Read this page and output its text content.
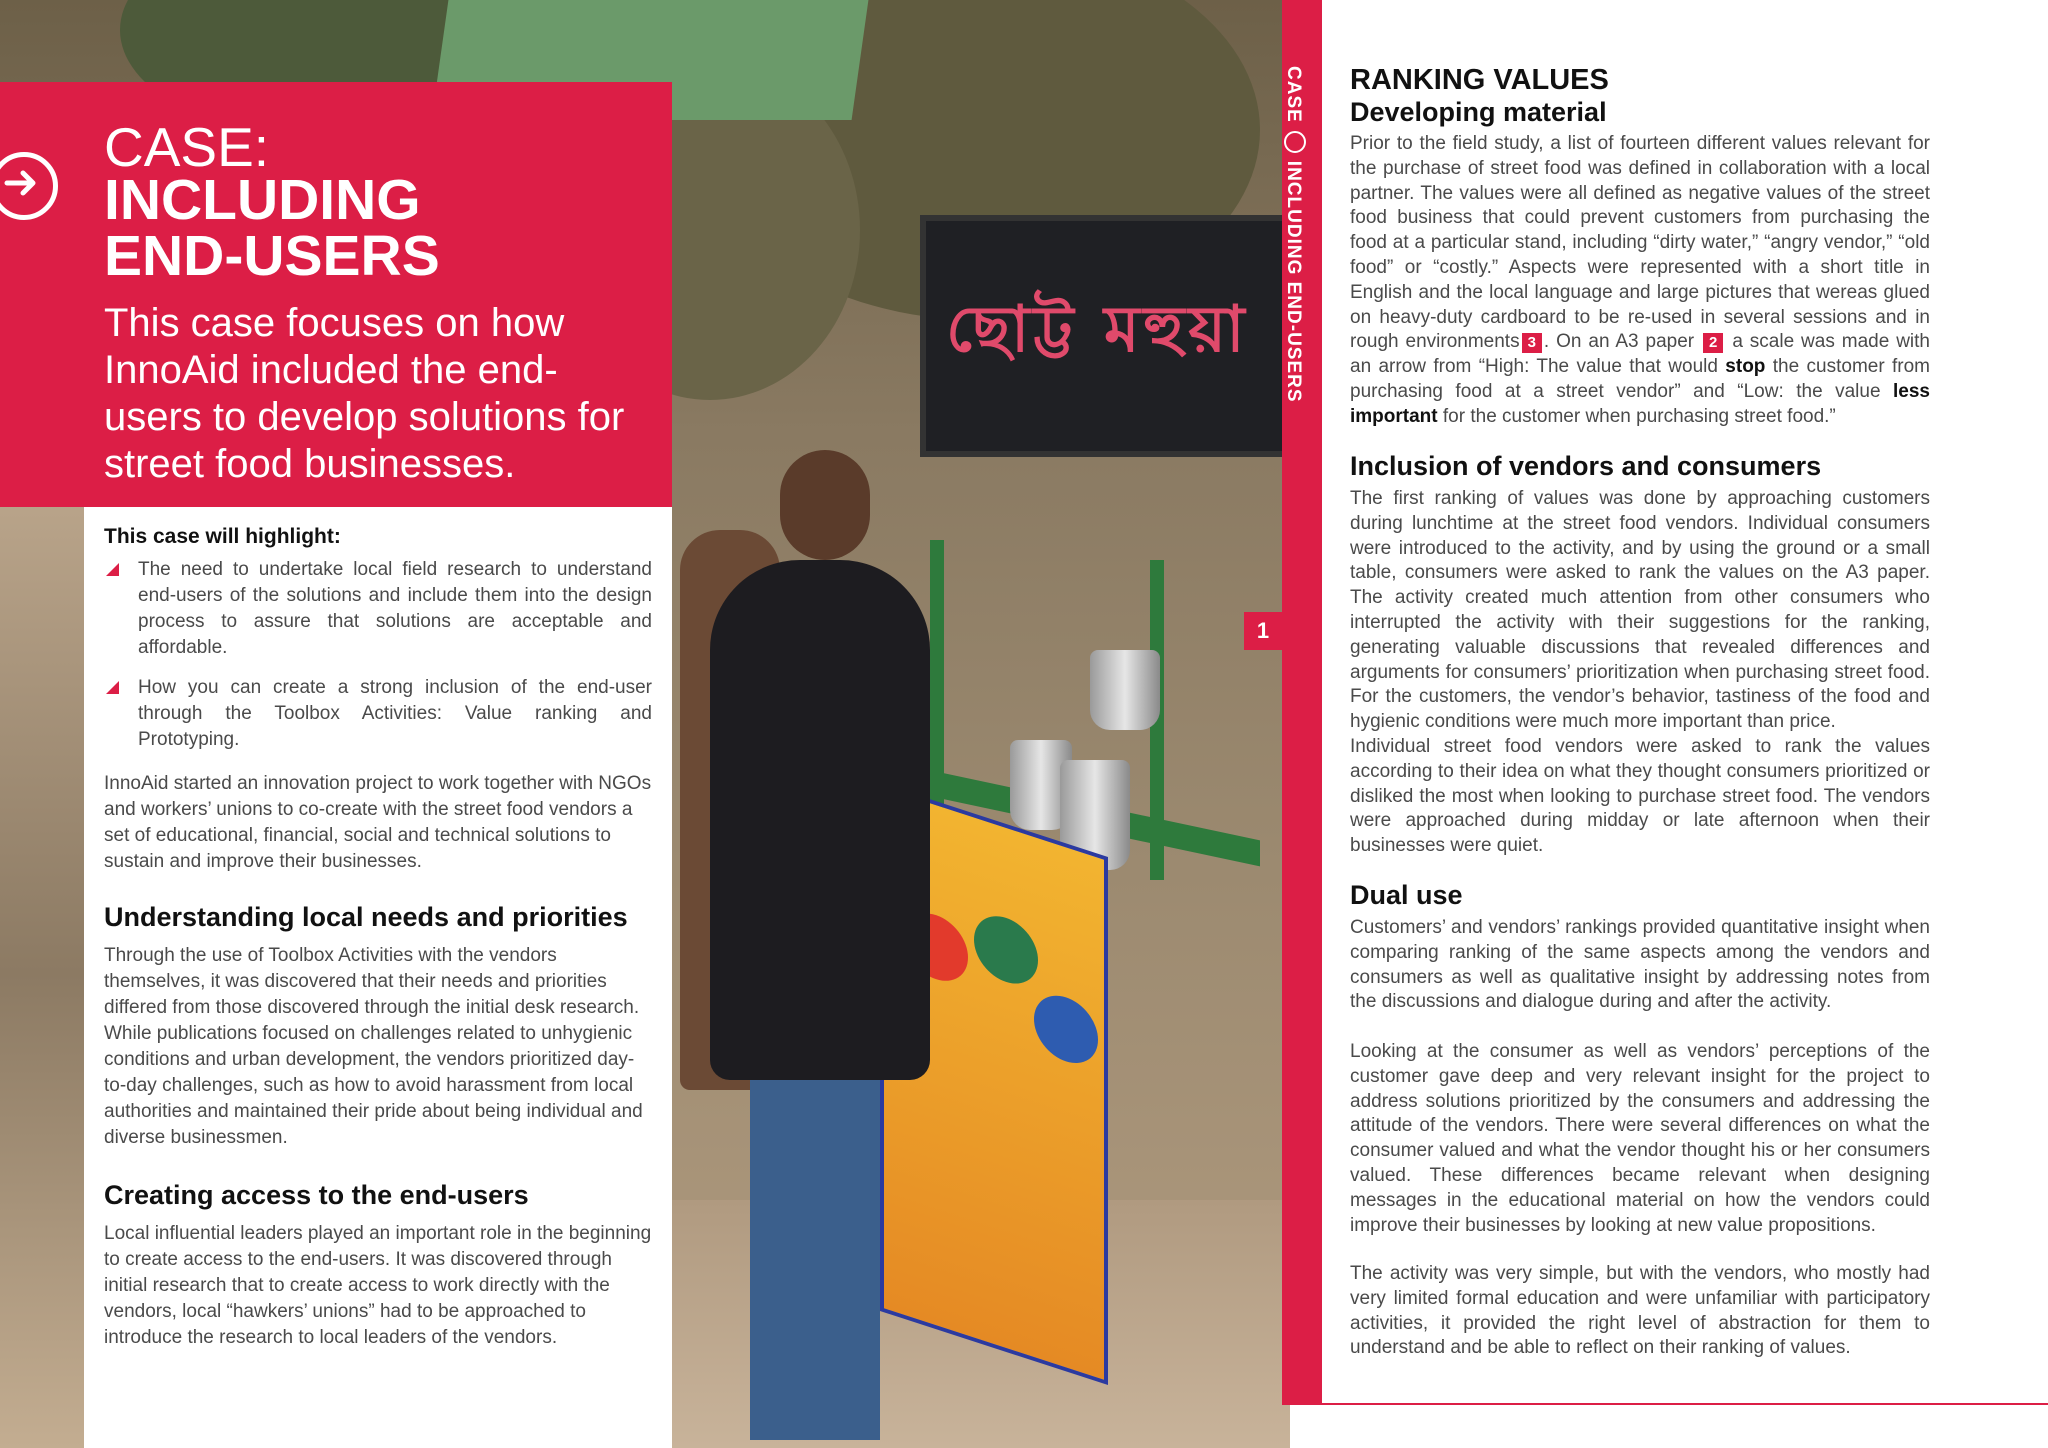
ছোট্ট মহুয়া
CASE:
INCLUDING
END-USERS
This case focuses on how InnoAid included the end-users to develop solutions for street food businesses.
This case will highlight:
The need to undertake local field research to understand end-users of the solutions and include them into the design process to assure that solutions are acceptable and affordable.
How you can create a strong inclusion of the end-user through the Toolbox Activities: Value ranking and Prototyping.
InnoAid started an innovation project to work together with NGOs and workers’ unions to co-create with the street food vendors a set of educational, financial, social and technical solutions to sustain and improve their businesses.
Understanding local needs and priorities
Through the use of Toolbox Activities with the vendors themselves, it was discovered that their needs and priorities differed from those discovered through the initial desk research. While publications focused on challenges related to unhygienic conditions and urban development, the vendors prioritized day-to-day challenges, such as how to avoid harassment from local authorities and maintained their pride about being individual and diverse businessmen.
Creating access to the end-users
Local influential leaders played an important role in the beginning to create access to the end-users. It was discovered through initial research that to create access to work directly with the vendors, local “hawkers’ unions” had to be approached to introduce the research to local leaders of the vendors.
CASEINCLUDING END-USERS
1
RANKING VALUES
Developing material
Prior to the field study, a list of fourteen different values relevant for the purchase of street food was defined in collaboration with a local partner. The values were all defined as negative values of the street food business that could prevent customers from purchasing the food at a particular stand, including “dirty water,” “angry vendor,” “old food” or “costly.” Aspects were represented with a short title in English and the local language and large pictures that wereas glued on heavy-duty cardboard to be re-used in several sessions and in rough environments 3 . On an A3 paper 2 a scale was made with an arrow from “High: The value that would stop the customer from purchasing food at a street vendor” and “Low: the value less important for the customer when purchasing street food.”
Inclusion of vendors and consumers
The first ranking of values was done by approaching customers during lunchtime at the street food vendors. Individual consumers were introduced to the activity, and by using the ground or a small table, consumers were asked to rank the values on the A3 paper. The activity created much attention from other consumers who interrupted the activity with their suggestions for the ranking, generating valuable discussions that revealed differences and arguments for consumers’ prioritization when purchasing street food. For the customers, the vendor’s behavior, tastiness of the food and hygienic conditions were much more important than price.
Individual street food vendors were asked to rank the values according to their idea on what they thought consumers prioritized or disliked the most when looking to purchase street food. The vendors were approached during midday or late afternoon when their businesses were quiet.
Dual use
Customers’ and vendors’ rankings provided quantitative insight when comparing ranking of the same aspects among the vendors and consumers as well as qualitative insight by addressing notes from the discussions and dialogue during and after the activity.
Looking at the consumer as well as vendors’ perceptions of the customer gave deep and very relevant insight for the project to address solutions prioritized by the consumers and addressing the attitude of the vendors. There were several differences on what the consumer valued and what the vendor thought his or her consumers valued. These differences became relevant when designing messages in the educational material on how the vendors could improve their businesses by looking at new value propositions.
The activity was very simple, but with the vendors, who mostly had very limited formal education and were unfamiliar with participatory activities, it provided the right level of abstraction for them to understand and be able to reflect on their ranking of values.
